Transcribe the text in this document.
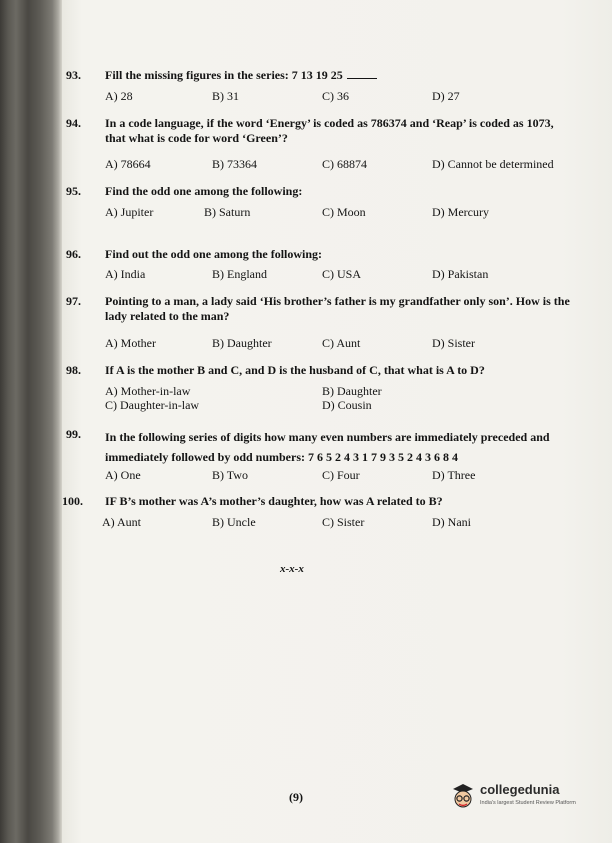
93. Fill the missing figures in the series: 7 13 19 25
A) 28	B) 31	C) 36	D) 27
94. In a code language, if the word ‘Energy’ is coded as 786374 and ‘Reap’ is coded as 1073, that what is code for word ‘Green’?
A) 78664	B) 73364	C) 68874	D) Cannot be determined
95. Find the odd one among the following:
A) Jupiter	B) Saturn	C) Moon	D) Mercury
96. Find out the odd one among the following:
A) India	B) England	C) USA	D) Pakistan
97. Pointing to a man, a lady said ‘His brother’s father is my grandfather only son’. How is the lady related to the man?
A) Mother	B) Daughter	C) Aunt	D) Sister
98. If A is the mother B and C, and D is the husband of C, that what is A to D?
A) Mother-in-law	B) Daughter
C) Daughter-in-law	D) Cousin
99. In the following series of digits how many even numbers are immediately preceded and immediately followed by odd numbers: 7 6 5 2 4 3 1 7 9 3 5 2 4 3 6 8 4
A) One	B) Two	C) Four	D) Three
100. IF B’s mother was A’s mother’s daughter, how was A related to B?
A) Aunt	B) Uncle	C) Sister	D) Nani
x-x-x
(9)	collegedunia
India's largest Student Review Platform
